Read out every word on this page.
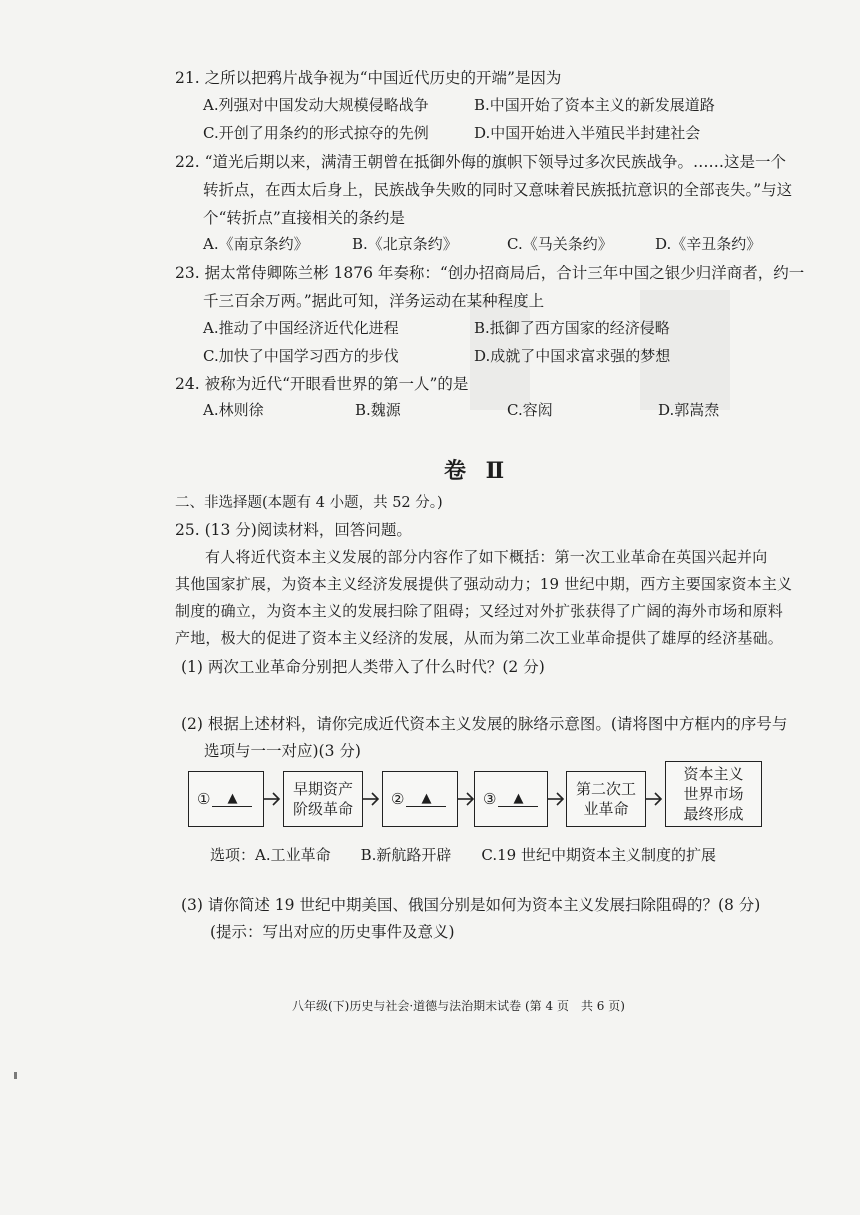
21. 之所以把鸦片战争视为“中国近代历史的开端”是因为
A.列强对中国发动大规模侵略战争	B.中国开始了资本主义的新发展道路
C.开创了用条约的形式掠夺的先例	D.中国开始进入半殖民半封建社会
22. “道光后期以来，满清王朝曾在抵御外侮的旗帜下领导过多次民族战争。……这是一个
转折点，在西太后身上，民族战争失败的同时又意味着民族抵抗意识的全部丧失。”与这
个“转折点”直接相关的条约是
A.《南京条约》	B.《北京条约》	C.《马关条约》	D.《辛丑条约》
23. 据太常侍卿陈兰彬 1876 年奏称：“创办招商局后，合计三年中国之银少归洋商者，约一
千三百余万两。”据此可知，洋务运动在某种程度上
A.推动了中国经济近代化进程	B.抵御了西方国家的经济侵略
C.加快了中国学习西方的步伐	D.成就了中国求富求强的梦想
24. 被称为近代“开眼看世界的第一人”的是
A.林则徐	B.魏源	C.容闳	D.郭嵩焘
卷 Ⅱ
二、非选择题(本题有 4 小题，共 52 分。)
25. (13 分)阅读材料，回答问题。
有人将近代资本主义发展的部分内容作了如下概括：第一次工业革命在英国兴起并向
其他国家扩展，为资本主义经济发展提供了强动动力；19 世纪中期，西方主要国家资本主义
制度的确立，为资本主义的发展扫除了阻碍；又经过对外扩张获得了广阔的海外市场和原料
产地，极大的促进了资本主义经济的发展，从而为第二次工业革命提供了雄厚的经济基础。
(1) 两次工业革命分别把人类带入了什么时代？(2 分)
(2) 根据上述材料，请你完成近代资本主义发展的脉络示意图。(请将图中方框内的序号与
选项与一一对应)(3 分)
①	▲
早期资产
阶级革命
②	▲	③	▲
第二次工
业革命
资本主义
世界市场
最终形成
选项：A.工业革命　　B.新航路开辟　　C.19 世纪中期资本主义制度的扩展
(3) 请你简述 19 世纪中期美国、俄国分别是如何为资本主义发展扫除阻碍的？(8 分)
(提示：写出对应的历史事件及意义)
八年级(下)历史与社会·道德与法治期末试卷 (第 4 页　共 6 页)
